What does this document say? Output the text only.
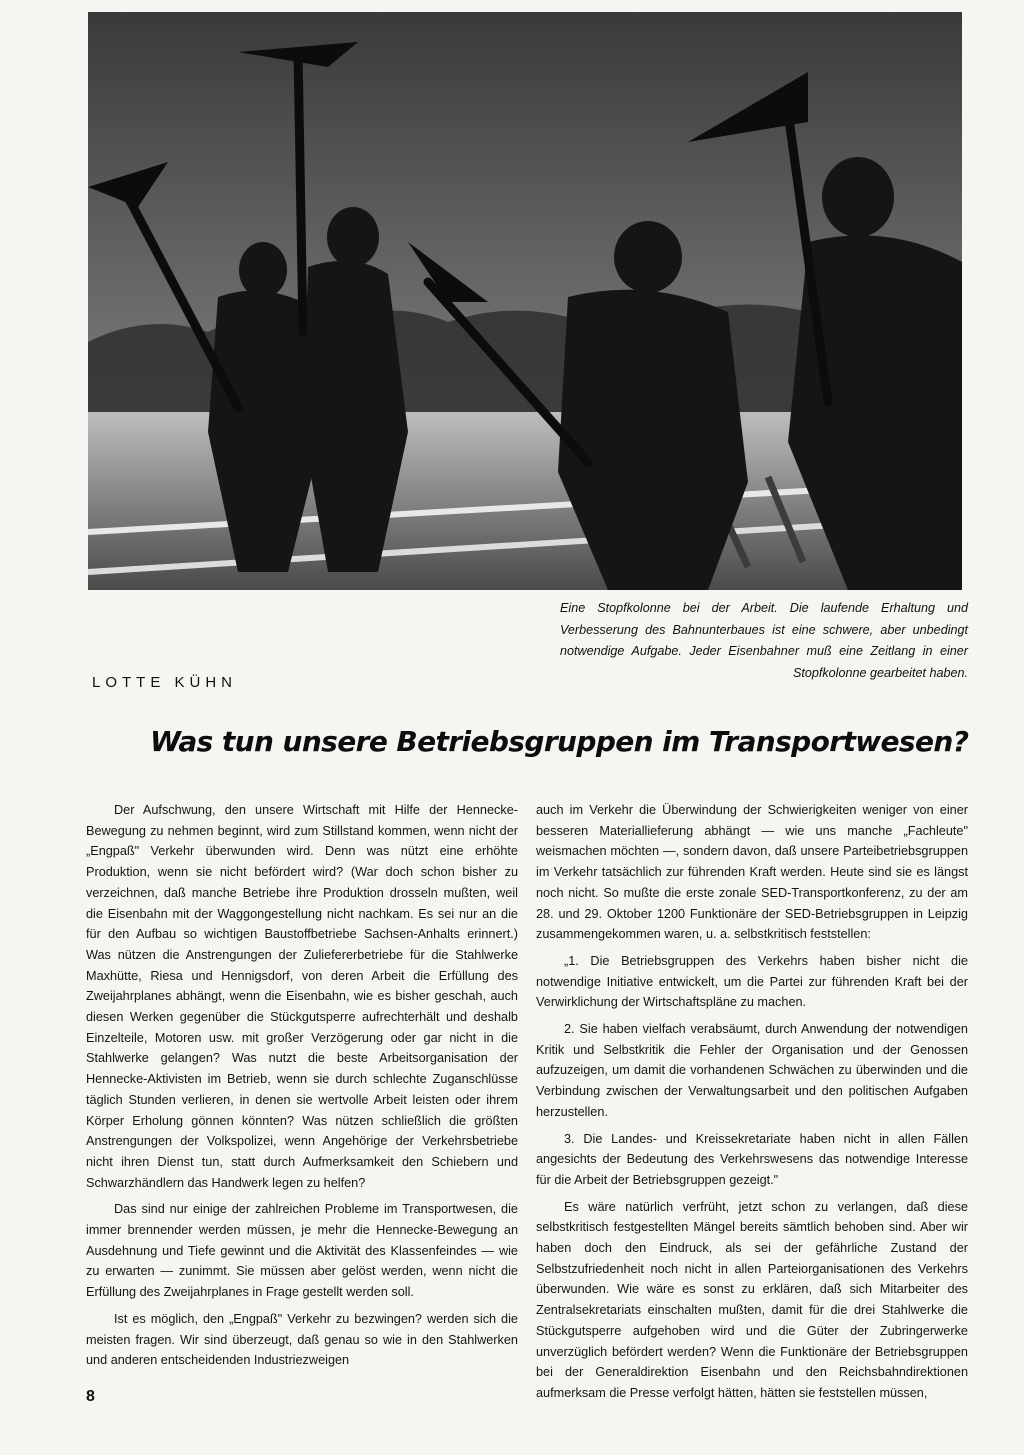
Eine Stopfkolonne bei der Arbeit. Die laufende Erhaltung und Verbesserung des Bahnunterbaues ist eine schwere, aber unbedingt notwendige Aufgabe. Jeder Eisenbahner muß eine Zeitlang in einer Stopfkolonne gearbeitet haben.
LOTTE KÜHN
Was tun unsere Betriebsgruppen im Transportwesen?

Der Aufschwung, den unsere Wirtschaft mit Hilfe der Hennecke-Bewegung zu nehmen beginnt, wird zum Stillstand kommen, wenn nicht der „Engpaß" Verkehr überwunden wird. Denn was nützt eine erhöhte Produktion, wenn sie nicht befördert wird? (War doch schon bisher zu verzeichnen, daß manche Betriebe ihre Produktion drosseln mußten, weil die Eisenbahn mit der Waggongestellung nicht nachkam. Es sei nur an die für den Aufbau so wichtigen Baustoffbetriebe Sachsen-Anhalts erinnert.) Was nützen die Anstrengungen der Zuliefererbetriebe für die Stahlwerke Maxhütte, Riesa und Hennigsdorf, von deren Arbeit die Erfüllung des Zweijahrplanes abhängt, wenn die Eisenbahn, wie es bisher geschah, auch diesen Werken gegenüber die Stückgutsperre aufrechterhält und deshalb Einzelteile, Motoren usw. mit großer Verzögerung oder gar nicht in die Stahlwerke gelangen? Was nutzt die beste Arbeitsorganisation der Hennecke-Aktivisten im Betrieb, wenn sie durch schlechte Zuganschlüsse täglich Stunden verlieren, in denen sie wertvolle Arbeit leisten oder ihrem Körper Erholung gönnen könnten? Was nützen schließlich die größten Anstrengungen der Volkspolizei, wenn Angehörige der Verkehrsbetriebe nicht ihren Dienst tun, statt durch Aufmerksamkeit den Schiebern und Schwarzhändlern das Handwerk legen zu helfen?

Das sind nur einige der zahlreichen Probleme im Transportwesen, die immer brennender werden müssen, je mehr die Hennecke-Bewegung an Ausdehnung und Tiefe gewinnt und die Aktivität des Klassenfeindes — wie zu erwarten — zunimmt. Sie müssen aber gelöst werden, wenn nicht die Erfüllung des Zweijahrplanes in Frage gestellt werden soll.

Ist es möglich, den „Engpaß" Verkehr zu bezwingen? werden sich die meisten fragen. Wir sind überzeugt, daß genau so wie in den Stahlwerken und anderen entscheidenden Industriezweigen

auch im Verkehr die Überwindung der Schwierigkeiten weniger von einer besseren Materiallieferung abhängt — wie uns manche „Fachleute" weismachen möchten —, sondern davon, daß unsere Parteibetriebsgruppen im Verkehr tatsächlich zur führenden Kraft werden. Heute sind sie es längst noch nicht. So mußte die erste zonale SED-Transportkonferenz, zu der am 28. und 29. Oktober 1200 Funktionäre der SED-Betriebsgruppen in Leipzig zusammengekommen waren, u. a. selbstkritisch feststellen:

„1. Die Betriebsgruppen des Verkehrs haben bisher nicht die notwendige Initiative entwickelt, um die Partei zur führenden Kraft bei der Verwirklichung der Wirtschaftspläne zu machen.

2. Sie haben vielfach verabsäumt, durch Anwendung der notwendigen Kritik und Selbstkritik die Fehler der Organisation und der Genossen aufzuzeigen, um damit die vorhandenen Schwächen zu überwinden und die Verbindung zwischen der Verwaltungsarbeit und den politischen Aufgaben herzustellen.

3. Die Landes- und Kreissekretariate haben nicht in allen Fällen angesichts der Bedeutung des Verkehrswesens das notwendige Interesse für die Arbeit der Betriebsgruppen gezeigt."

Es wäre natürlich verfrüht, jetzt schon zu verlangen, daß diese selbstkritisch festgestellten Mängel bereits sämtlich behoben sind. Aber wir haben doch den Eindruck, als sei der gefährliche Zustand der Selbstzufriedenheit noch nicht in allen Parteiorganisationen des Verkehrs überwunden. Wie wäre es sonst zu erklären, daß sich Mitarbeiter des Zentralsekretariats einschalten mußten, damit für die drei Stahlwerke die Stückgutsperre aufgehoben wird und die Güter der Zubringerwerke unverzüglich befördert werden? Wenn die Funktionäre der Betriebsgruppen bei der Generaldirektion Eisenbahn und den Reichsbahndirektionen aufmerksam die Presse verfolgt hätten, hätten sie feststellen müssen,

8
